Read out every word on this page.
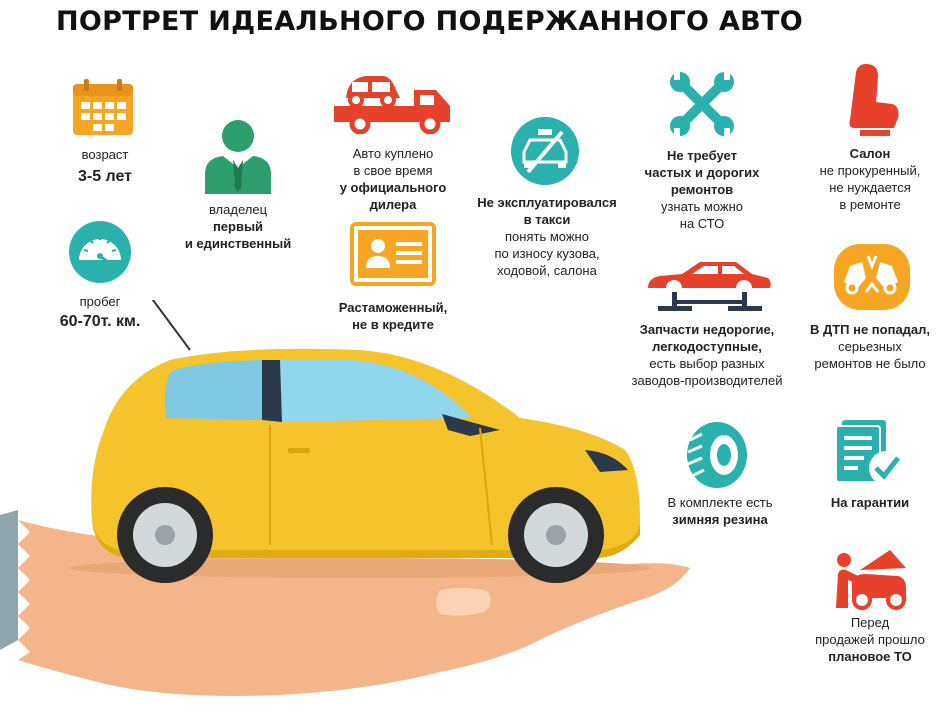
ПОРТРЕТ ИДЕАЛЬНОГО ПОДЕРЖАННОГО АВТО
возраст
3-5 лет
владелец
первый
и единственный
пробег
60-70т. км.
Авто куплено
в свое время
у официального
дилера
Растаможенный,
не в кредите
Не эксплуатировался
в такси
понять можно
по износу кузова,
ходовой, салона
Не требует
частых и дорогих
ремонтов
узнать можно
на СТО
Салон
не прокуренный,
не нуждается
в ремонте
Запчасти недорогие,
легкодоступные,
есть выбор разных
заводов-производителей
В ДТП не попадал,
серьезных
ремонтов не было
В комплекте есть
зимняя резина
На гарантии
Перед
продажей прошло
плановое ТО
